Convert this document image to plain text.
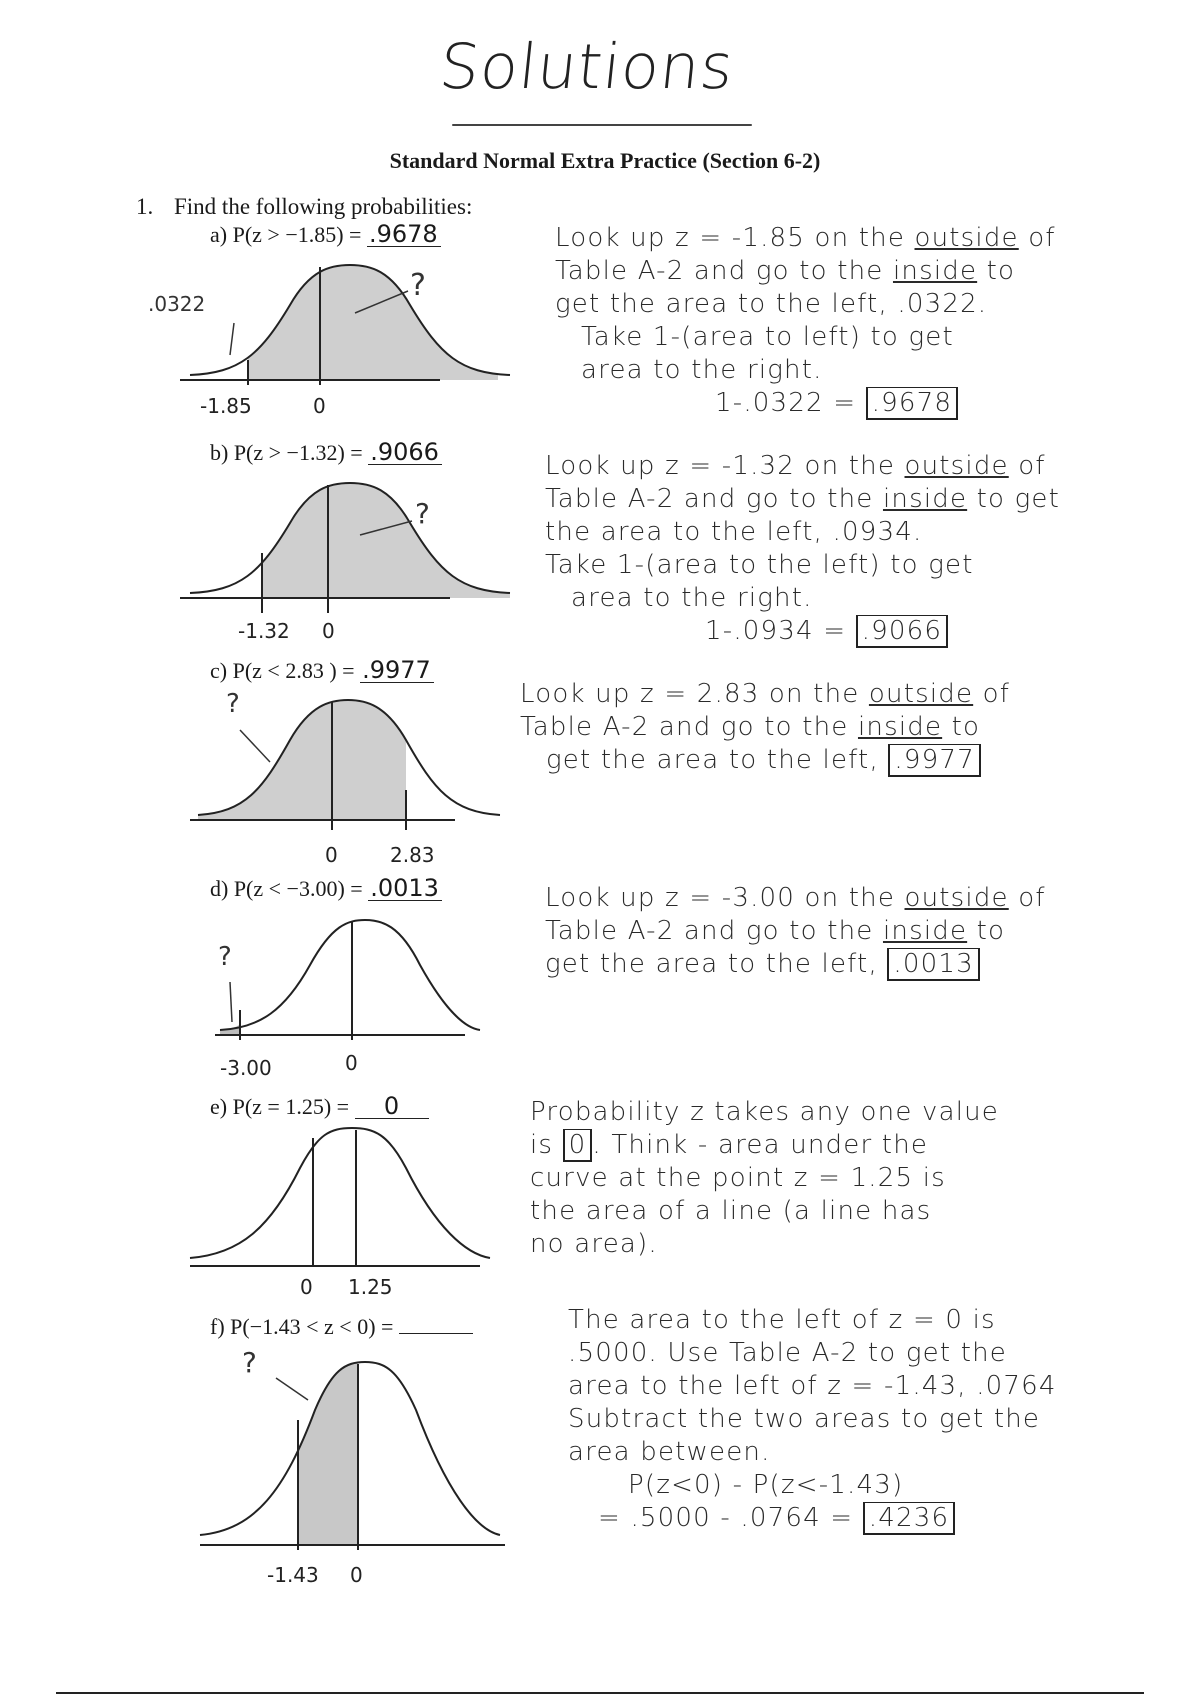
Solutions
Standard Normal Extra Practice (Section 6-2)
1. Find the following probabilities:
a) P(z > −1.85) = .9678
-1.85	0
.0322
?
Look up z = -1.85 on the outside of
Table A-2 and go to the inside to
get the area to the left, .0322.
Take 1-(area to left) to get
area to the right.
1-.0322 = .9678
b) P(z > −1.32) = .9066
-1.32 0
?
Look up z = -1.32 on the outside of
Table A-2 and go to the inside to get
the area to the left, .0934.
Take 1-(area to the left) to get
area to the right.
1-.0934 = .9066
c) P(z < 2.83 ) = .9977
0	2.83
?	Look up z = 2.83 on the outside of
Table A-2 and go to the inside to
get the area to the left, .9977
d) P(z < −3.00) = .0013
-3.00	0
?
Look up z = -3.00 on the outside of
Table A-2 and go to the inside to
get the area to the left, .0013
e) P(z = 1.25) = 0
0 1.25
Probability z takes any one value
is 0 . Think - area under the
curve at the point z = 1.25 is
the area of a line (a line has
no area).
f) P(−1.43 < z < 0) =
-1.43 0
?
The area to the left of z = 0 is
.5000. Use Table A-2 to get the
area to the left of z = -1.43, .0764
Subtract the two areas to get the
area between.
P(z<0) - P(z<-1.43)
= .5000 - .0764 = .4236
